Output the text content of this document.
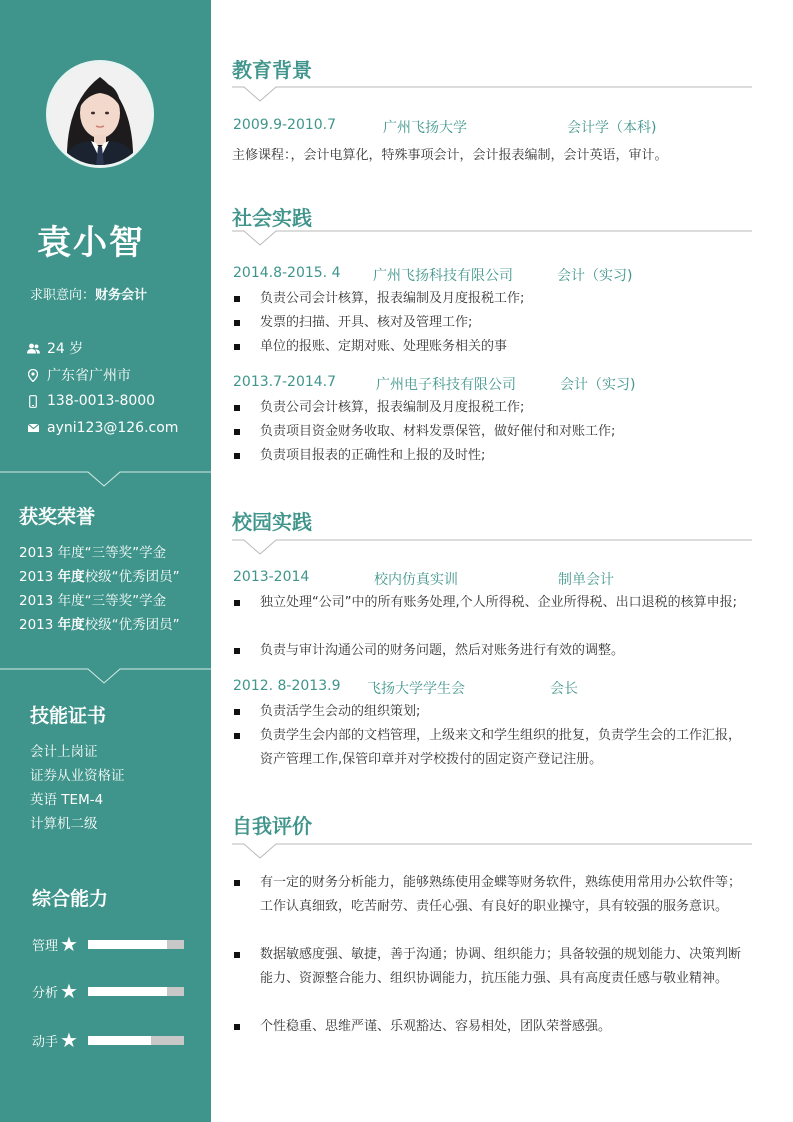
袁小智
求职意向：财务会计
24 岁
广东省广州市
138-0013-8000
ayni123@126.com
获奖荣誉
2013 年度“三等奖”学金
2013 年度校级“优秀团员”
2013 年度“三等奖”学金
2013 年度校级“优秀团员”
技能证书
会计上岗证
证券从业资格证
英语 TEM-4
计算机二级
综合能力
管理 ★
分析 ★
动手 ★
教育背景
2009.9-2010.7	广州飞扬大学	会计学（本科)
主修课程：，会计电算化，特殊事项会计，会计报表编制，会计英语，审计。
社会实践
2014.8-2015. 4 广州飞扬科技有限公司	会计（实习)
负责公司会计核算，报表编制及月度报税工作;
发票的扫描、开具、核对及管理工作;
单位的报账、定期对账、处理账务相关的事
2013.7-2014.7	广州电子科技有限公司	会计（实习)
负责公司会计核算，报表编制及月度报税工作;
负责项目资金财务收取、材料发票保管，做好催付和对账工作;
负责项目报表的正确性和上报的及时性;
校园实践
2013-2014	校内仿真实训	制单会计
独立处理“公司”中的所有账务处理,个人所得税、企业所得税、出口退税的核算申报;
负责与审计沟通公司的财务问题，然后对账务进行有效的调整。
2012. 8-2013.9 飞扬大学学生会	会长
负责活学生会动的组织策划;
负责学生会内部的文档管理，上级来文和学生组织的批复，负责学生会的工作汇报，资产管理工作,保管印章并对学校拨付的固定资产登记注册。
自我评价
有一定的财务分析能力，能够熟练使用金蝶等财务软件，熟练使用常用办公软件等；工作认真细致，吃苦耐劳、责任心强、有良好的职业操守，具有较强的服务意识。
数据敏感度强、敏捷，善于沟通；协调、组织能力；具备较强的规划能力、决策判断能力、资源整合能力、组织协调能力，抗压能力强、具有高度责任感与敬业精神。
个性稳重、思维严谨、乐观豁达、容易相处，团队荣誉感强。
